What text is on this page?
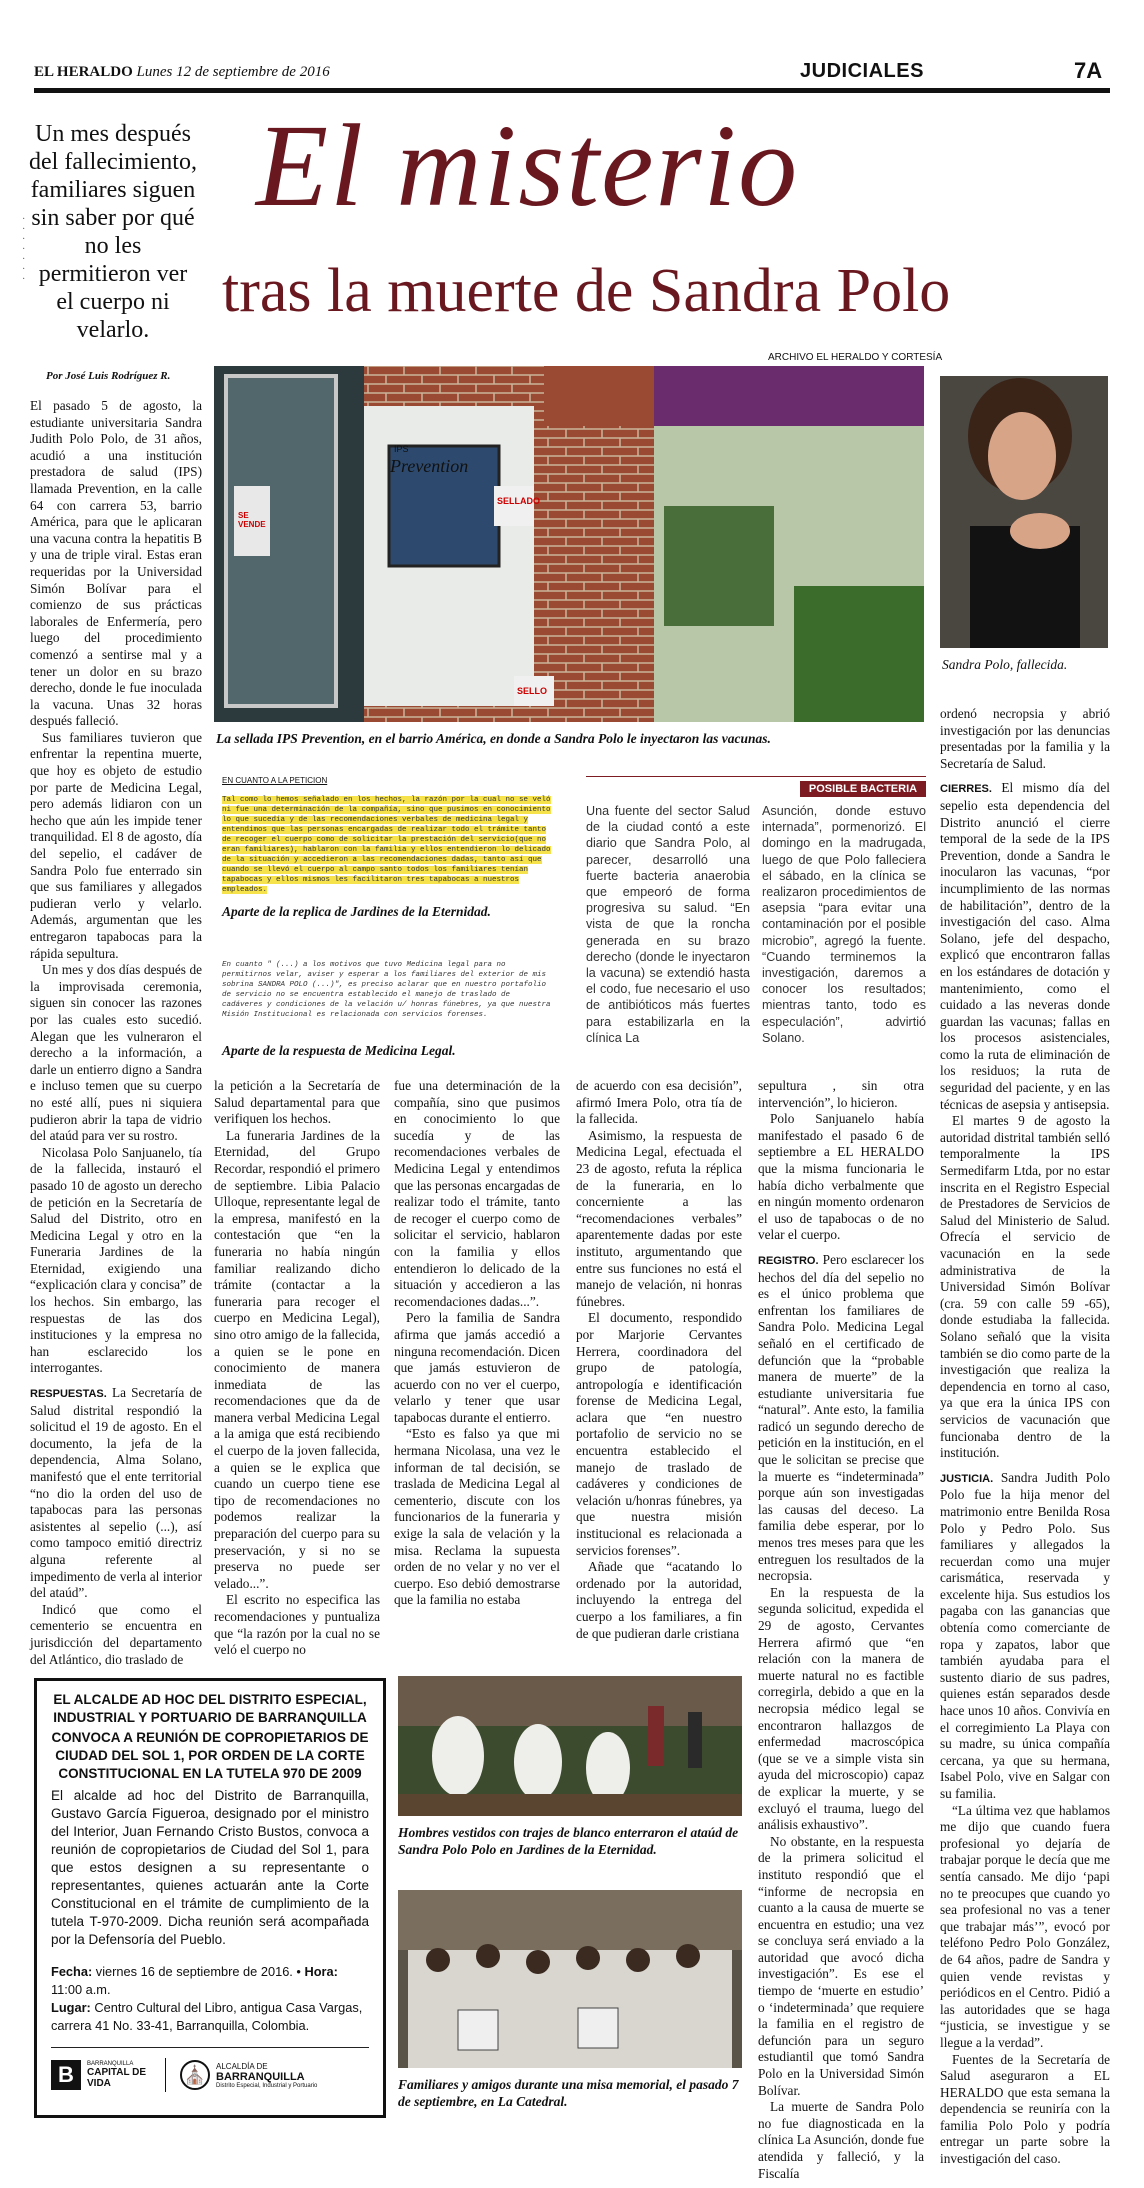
EL HERALDO Lunes 12 de septiembre de 2016	JUDICIALES	7A
Un mes después del fallecimiento, familiares siguen sin saber por qué no les permitieron ver el cuerpo ni velarlo.
·
·
·
·
·
·
·
El misterio
tras la muerte de Sandra Polo
ARCHIVO EL HERALDO Y CORTESÍA
Por José Luis Rodríguez R.

El pasado 5 de agosto, la estudiante universitaria Sandra Judith Polo Polo, de 31 años, acudió a una institución prestadora de salud (IPS) llamada Prevention, en la calle 64 con carrera 53, barrio América, para que le aplicaran una vacuna contra la hepatitis B y una de triple viral. Estas eran requeridas por la Universidad Simón Bolívar para el comienzo de sus prácticas laborales de Enfermería, pero luego del procedimiento comenzó a sentirse mal y a tener un dolor en su brazo derecho, donde le fue inoculada la vacuna. Unas 32 horas después falleció.

Sus familiares tuvieron que enfrentar la repentina muerte, que hoy es objeto de estudio por parte de Medicina Legal, pero además lidiaron con un hecho que aún les impide tener tranquilidad. El 8 de agosto, día del sepelio, el cadáver de Sandra Polo fue enterrado sin que sus familiares y allegados pudieran verlo y velarlo. Además, argumentan que les entregaron tapabocas para la rápida sepultura.

Un mes y dos días después de la improvisada ceremonia, siguen sin conocer las razones por las cuales esto sucedió. Alegan que les vulneraron el derecho a la información, a darle un entierro digno a Sandra e incluso temen que su cuerpo no esté allí, pues ni siquiera pudieron abrir la tapa de vidrio del ataúd para ver su rostro.

Nicolasa Polo Sanjuanelo, tía de la fallecida, instauró el pasado 10 de agosto un derecho de petición en la Secretaría de Salud del Distrito, otro en Medicina Legal y otro en la Funeraria Jardines de la Eternidad, exigiendo una “explicación clara y concisa” de los hechos. Sin embargo, las respuestas de las dos instituciones y la empresa no han esclarecido los interrogantes.

RESPUESTAS. La Secretaría de Salud distrital respondió la solicitud el 19 de agosto. En el documento, la jefa de la dependencia, Alma Solano, manifestó que el ente territorial “no dio la orden del uso de tapabocas para las personas asistentes al sepelio (...), así como tampoco emitió directriz alguna referente al impedimento de verla al interior del ataúd”.

Indicó que como el cementerio se encuentra en jurisdicción del departamento del Atlántico, dio traslado de

IPS
Prevention
SELLADO
SELLO
SE VENDE
La sellada IPS Prevention, en el barrio América, en donde a Sandra Polo le inyectaron las vacunas.
Sandra Polo, fallecida.
EN CUANTO A LA PETICION
Tal como lo hemos señalado en los hechos, la razón por la cual no se veló ni fue una determinación de la compañía, sino que pusimos en conocimiento lo que sucedía y de las recomendaciones verbales de medicina legal y entendimos que las personas encargadas de realizar todo el trámite tanto de recoger el cuerpo como de solicitar la prestación del servicio(que no eran familiares), hablaron con la familia y ellos entendieron lo delicado de la situación y accedieron a las recomendaciones dadas, tanto así que cuando se llevó el cuerpo al campo santo todos los familiares tenían tapabocas y ellos mismos les facilitaron tres tapabocas a nuestros empleados.
Aparte de la replica de Jardines de la Eternidad.
En cuanto " (...) a los motivos que tuvo Medicina legal para no permitirnos velar, aviser y esperar a los familiares del exterior de mis sobrina SANDRA POLO (...)", es preciso aclarar que en nuestro portafolio de servicio no se encuentra establecido el manejo de traslado de cadáveres y condiciones de la velación u/ honras fúnebres, ya que nuestra Misión Institucional es relacionada con servicios forenses.
Aparte de la respuesta de Medicina Legal.
POSIBLE BACTERIA
Una fuente del sector Salud de la ciudad contó a este diario que Sandra Polo, al parecer, desarrolló una fuerte bacteria anaerobia que empeoró de forma progresiva su salud. “En vista de que la roncha generada en su brazo derecho (donde le inyectaron la vacuna) se extendió hasta el codo, fue necesario el uso de antibióticos más fuertes para estabilizarla en la clínica La
Asunción, donde estuvo internada”, pormenorizó. El domingo en la madrugada, luego de que Polo falleciera el sábado, en la clínica se realizaron procedimientos de asepsia “para evitar una contaminación por el posible microbio”, agregó la fuente. “Cuando terminemos la investigación, daremos a conocer los resultados; mientras tanto, todo es especulación”, advirtió Solano.

la petición a la Secretaría de Salud departamental para que verifiquen los hechos.

La funeraria Jardines de la Eternidad, del Grupo Recordar, respondió el primero de septiembre. Libia Palacio Ulloque, representante legal de la empresa, manifestó en la contestación que “en la funeraria no había ningún familiar realizando dicho trámite (contactar a la funeraria para recoger el cuerpo en Medicina Legal), sino otro amigo de la fallecida, a quien se le pone en conocimiento de manera inmediata de las recomendaciones que da de manera verbal Medicina Legal a la amiga que está recibiendo el cuerpo de la joven fallecida, a quien se le explica que cuando un cuerpo tiene ese tipo de recomendaciones no podemos realizar la preparación del cuerpo para su preservación, y si no se preserva no puede ser velado...”.

El escrito no especifica las recomendaciones y puntualiza que “la razón por la cual no se veló el cuerpo no

fue una determinación de la compañía, sino que pusimos en conocimiento lo que sucedía y de las recomendaciones verbales de Medicina Legal y entendimos que las personas encargadas de realizar todo el trámite, tanto de recoger el cuerpo como de solicitar el servicio, hablaron con la familia y ellos entendieron lo delicado de la situación y accedieron a las recomendaciones dadas...”.

Pero la familia de Sandra afirma que jamás accedió a ninguna recomendación. Dicen que jamás estuvieron de acuerdo con no ver el cuerpo, velarlo y tener que usar tapabocas durante el entierro.

“Esto es falso ya que mi hermana Nicolasa, una vez le informan de tal decisión, se traslada de Medicina Legal al cementerio, discute con los funcionarios de la funeraria y exige la sala de velación y la misa. Reclama la supuesta orden de no velar y no ver el cuerpo. Eso debió demostrarse que la familia no estaba

de acuerdo con esa decisión”, afirmó Imera Polo, otra tía de la fallecida.

Asimismo, la respuesta de Medicina Legal, efectuada el 23 de agosto, refuta la réplica de la funeraria, en lo concerniente a las “recomendaciones verbales” aparentemente dadas por este instituto, argumentando que entre sus funciones no está el manejo de velación, ni honras fúnebres.

El documento, respondido por Marjorie Cervantes Herrera, coordinadora del grupo de patología, antropología e identificación forense de Medicina Legal, aclara que “en nuestro portafolio de servicio no se encuentra establecido el manejo de traslado de cadáveres y condiciones de velación u/honras fúnebres, ya que nuestra misión institucional es relacionada a servicios forenses”.

Añade que “acatando lo ordenado por la autoridad, incluyendo la entrega del cuerpo a los familiares, a fin de que pudieran darle cristiana

sepultura , sin otra intervención”, lo hicieron.

Polo Sanjuanelo había manifestado el pasado 6 de septiembre a EL HERALDO que la misma funcionaria le había dicho verbalmente que en ningún momento ordenaron el uso de tapabocas o de no velar el cuerpo.

REGISTRO. Pero esclarecer los hechos del día del sepelio no es el único problema que enfrentan los familiares de Sandra Polo. Medicina Legal señaló en el certificado de defunción que la “probable manera de muerte” de la estudiante universitaria fue “natural”. Ante esto, la familia radicó un segundo derecho de petición en la institución, en el que le solicitan se precise que la muerte es “indeterminada” porque aún son investigadas las causas del deceso. La familia debe esperar, por lo menos tres meses para que les entreguen los resultados de la necropsia.

En la respuesta de la segunda solicitud, expedida el 29 de agosto, Cervantes Herrera afirmó que “en relación con la manera de muerte natural no es factible corregirla, debido a que en la necropsia médico legal se encontraron hallazgos de enfermedad macroscópica (que se ve a simple vista sin ayuda del microscopio) capaz de explicar la muerte, y se excluyó el trauma, luego del análisis exhaustivo”.

No obstante, en la respuesta de la primera solicitud el instituto respondió que el “informe de necropsia en cuanto a la causa de muerte se encuentra en estudio; una vez se concluya será enviado a la autoridad que avocó dicha investigación”. Es ese el tiempo de ‘muerte en estudio’ o ‘indeterminada’ que requiere la familia en el registro de defunción para un seguro estudiantil que tomó Sandra Polo en la Universidad Simón Bolívar.

La muerte de Sandra Polo no fue diagnosticada en la clínica La Asunción, donde fue atendida y falleció, y la Fiscalía

ordenó necropsia y abrió investigación por las denuncias presentadas por la familia y la Secretaría de Salud.

CIERRES. El mismo día del sepelio esta dependencia del Distrito anunció el cierre temporal de la sede de la IPS Prevention, donde a Sandra le inocularon las vacunas, “por incumplimiento de las normas de habilitación”, dentro de la investigación del caso. Alma Solano, jefe del despacho, explicó que encontraron fallas en los estándares de dotación y mantenimiento, como el cuidado a las neveras donde guardan las vacunas; fallas en los procesos asistenciales, como la ruta de eliminación de los residuos; la ruta de seguridad del paciente, y en las técnicas de asepsia y antisepsia.

El martes 9 de agosto la autoridad distrital también selló temporalmente la IPS Sermedifarm Ltda, por no estar inscrita en el Registro Especial de Prestadores de Servicios de Salud del Ministerio de Salud. Ofrecía el servicio de vacunación en la sede administrativa de la Universidad Simón Bolívar (cra. 59 con calle 59 -65), donde estudiaba la fallecida. Solano señaló que la visita también se dio como parte de la investigación que realiza la dependencia en torno al caso, ya que era la única IPS con servicios de vacunación que funcionaba dentro de la institución.

JUSTICIA. Sandra Judith Polo Polo fue la hija menor del matrimonio entre Benilda Rosa Polo y Pedro Polo. Sus familiares y allegados la recuerdan como una mujer carismática, reservada y excelente hija. Sus estudios los pagaba con las ganancias que obtenía como comerciante de ropa y zapatos, labor que también ayudaba para el sustento diario de sus padres, quienes están separados desde hace unos 10 años. Convivía en el corregimiento La Playa con su madre, su única compañía cercana, ya que su hermana, Isabel Polo, vive en Salgar con su familia.

“La última vez que hablamos me dijo que cuando fuera profesional yo dejaría de trabajar porque le decía que me sentía cansado. Me dijo ‘papi no te preocupes que cuando yo sea profesional no vas a tener que trabajar más’”, evocó por teléfono Pedro Polo González, de 64 años, padre de Sandra y quien vende revistas y periódicos en el Centro. Pidió a las autoridades que se haga “justicia, se investigue y se llegue a la verdad”.

Fuentes de la Secretaría de Salud aseguraron a EL HERALDO que esta semana la dependencia se reuniría con la familia Polo Polo y podría entregar un parte sobre la investigación del caso.

Hombres vestidos con trajes de blanco enterraron el ataúd de Sandra Polo Polo en Jardines de la Eternidad.
Familiares y amigos durante una misa memorial, el pasado 7 de septiembre, en La Catedral.
EL ALCALDE AD HOC DEL DISTRITO ESPECIAL, INDUSTRIAL Y PORTUARIO DE BARRANQUILLA
CONVOCA A REUNIÓN DE COPROPIETARIOS DE CIUDAD DEL SOL 1, POR ORDEN DE LA CORTE CONSTITUCIONAL EN LA TUTELA 970 DE 2009
El alcalde ad hoc del Distrito de Barranquilla, Gustavo García Figueroa, designado por el ministro del Interior, Juan Fernando Cristo Bustos, convoca a reunión de copropietarios de Ciudad del Sol 1, para que estos designen a su representante o representantes, quienes actuarán ante la Corte Constitucional en el trámite de cumplimiento de la tutela T-970-2009. Dicha reunión será acompañada por la Defensoría del Pueblo.
Fecha: viernes 16 de septiembre de 2016. • Hora: 11:00 a.m.
Lugar: Centro Cultural del Libro, antigua Casa Vargas, carrera 41 No. 33-41, Barranquilla, Colombia.
B	BARRANQUILLA
CAPITAL DE VIDA	⛪	ALCALDÍA DE
BARRANQUILLA
Distrito Especial, Industrial y Portuario
